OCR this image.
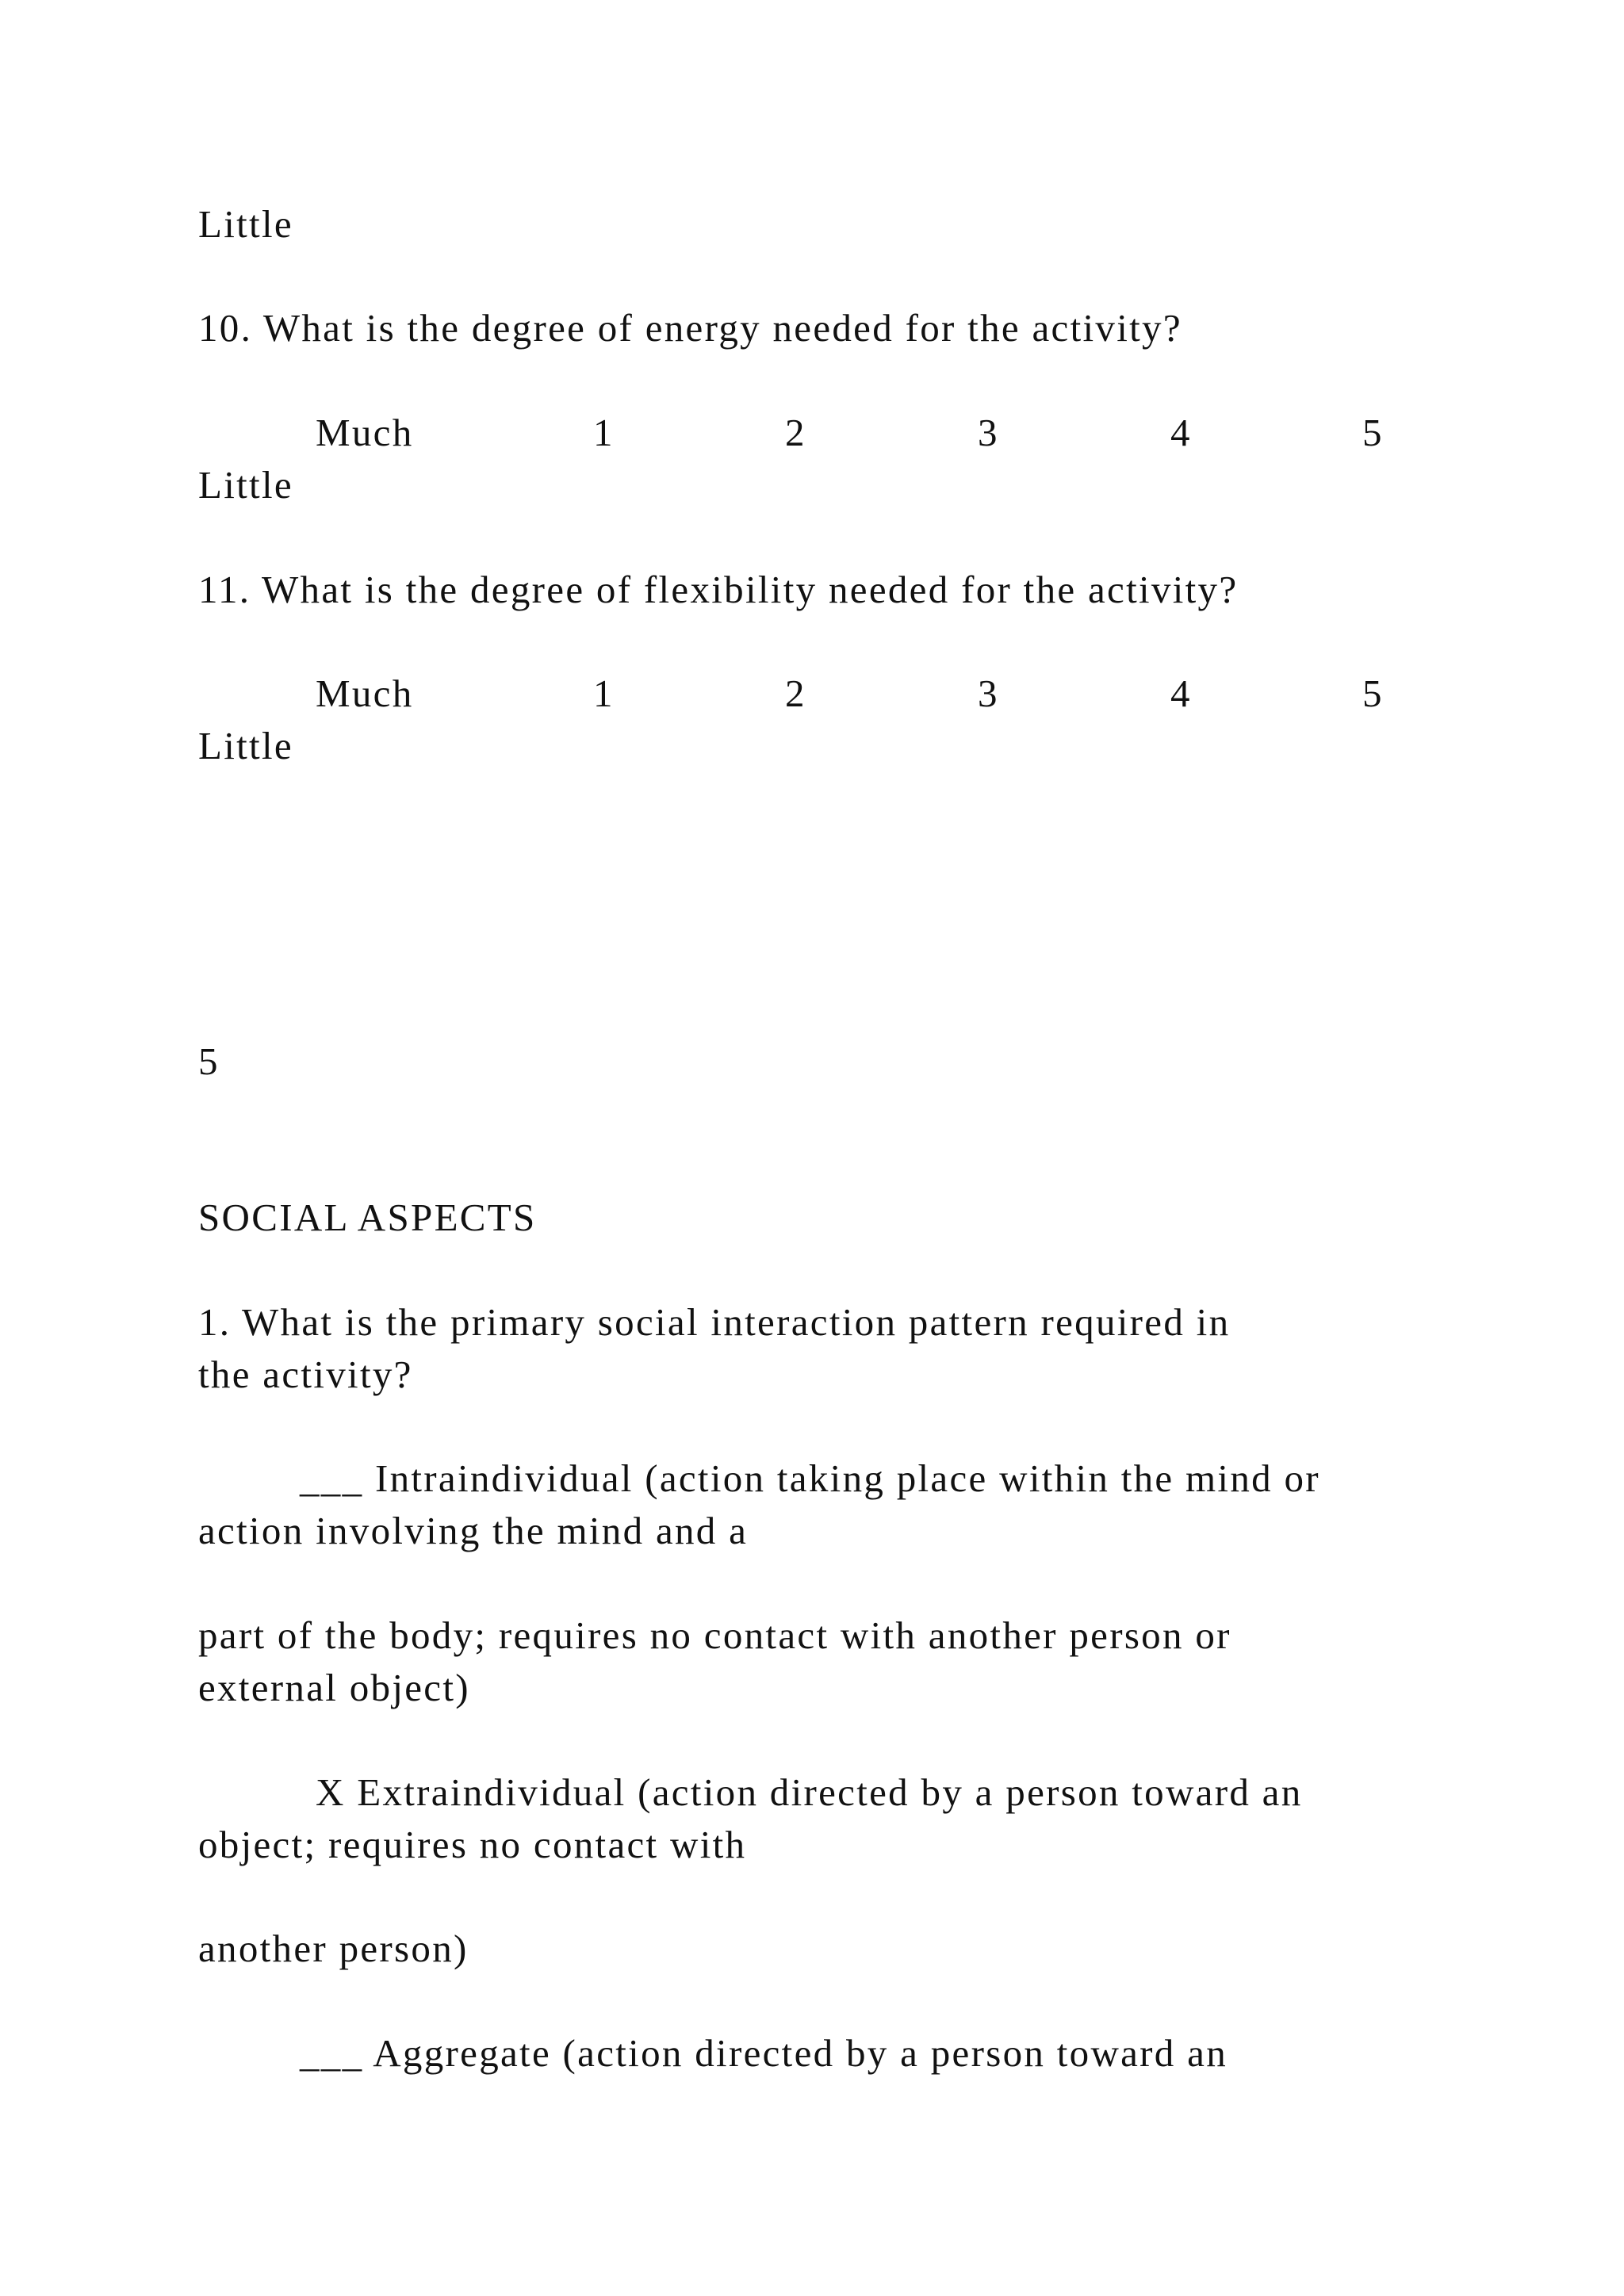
Little
10. What is the degree of energy needed for the activity?
Much	1	2	3	4	5
Little
11. What is the degree of flexibility needed for the activity?
Much	1	2	3	4	5
Little
5
SOCIAL ASPECTS
1. What is the primary social interaction pattern required in
the activity?
___ Intraindividual (action taking place within the mind or
action involving the mind and a
part of the body; requires no contact with another person or
external object)
X Extraindividual (action directed by a person toward an
object; requires no contact with
another person)
___ Aggregate (action directed by a person toward an
